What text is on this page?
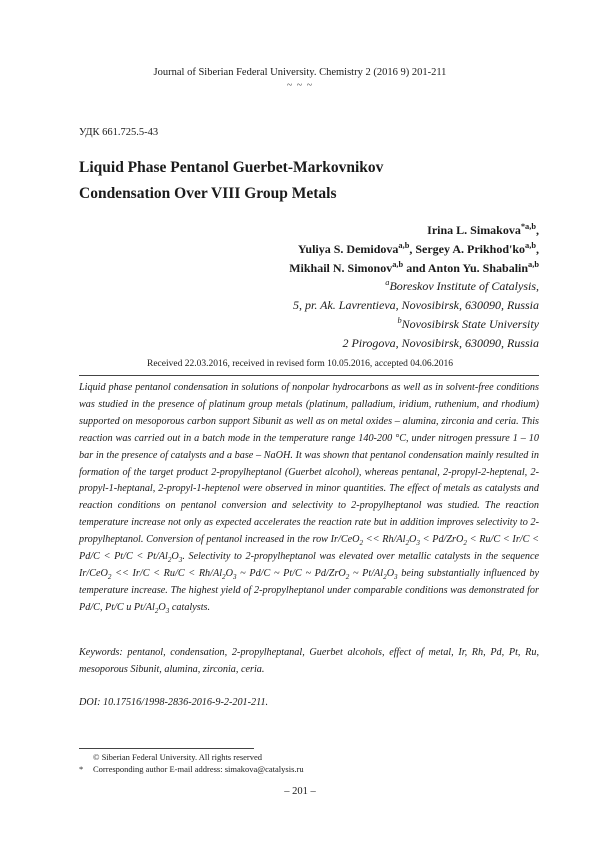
Journal of Siberian Federal University. Chemistry 2 (2016 9) 201-211
~ ~ ~
УДК 661.725.5-43
Liquid Phase Pentanol Guerbet-Markovnikov
Condensation Over VIII Group Metals
Irina L. Simakova$^{*a,b}$,
Yuliya S. Demidova$^{a,b}$, Sergey A. Prikhod'ko$^{a,b}$,
Mikhail N. Simonov$^{a,b}$ and Anton Yu. Shabalin$^{a,b}$
$^a$Boreskov Institute of Catalysis,
5, pr. Ak. Lavrentieva, Novosibirsk, 630090, Russia
$^b$Novosibirsk State University
2 Pirogova, Novosibirsk, 630090, Russia
Received 22.03.2016, received in revised form 10.05.2016, accepted 04.06.2016
Liquid phase pentanol condensation in solutions of nonpolar hydrocarbons as well as in solvent-free conditions was studied in the presence of platinum group metals (platinum, palladium, iridium, ruthenium, and rhodium) supported on mesoporous carbon support Sibunit as well as on metal oxides – alumina, zirconia and ceria. This reaction was carried out in a batch mode in the temperature range 140-200 °C, under nitrogen pressure 1 – 10 bar in the presence of catalysts and a base – NaOH. It was shown that pentanol condensation mainly resulted in formation of the target product 2-propylheptanol (Guerbet alcohol), whereas pentanal, 2-propyl-2-heptenal, 2-propyl-1-heptanal, 2-propyl-1-heptenol were observed in minor quantities. The effect of metals as catalysts and reaction conditions on pentanol conversion and selectivity to 2-propylheptanol was studied. The reaction temperature increase not only as expected accelerates the reaction rate but in addition improves selectivity to 2-propylheptanol. Conversion of pentanol increased in the row $Ir/CeO_2 << Rh/Al_2O_3 < Pd/ZrO_2 < Ru/C < Ir/C < Pd/C < Pt/C < Pt/Al_2O_3$. Selectivity to 2-propylheptanol was elevated over metallic catalysts in the sequence $Ir/CeO_2 << Ir/C < Ru/C < Rh/Al_2O_3$ ~ Pd/C ~ Pt/C ~ Pd/ZrO$_2$ ~ $Pt/Al_2O_3$ being substantially influenced by temperature increase. The highest yield of 2-propylheptanol under comparable conditions was demonstrated for Pd/C, Pt/C и $Pt/Al_2O_3$ catalysts.
Keywords: pentanol, condensation, 2-propylheptanal, Guerbet alcohols, effect of metal, Ir, Rh, Pd, Pt, Ru, mesoporous Sibunit, alumina, zirconia, ceria.
DOI: 10.17516/1998-2836-2016-9-2-201-211.
© Siberian Federal University. All rights reserved
* Corresponding author E-mail address: simakova@catalysis.ru
– 201 –
